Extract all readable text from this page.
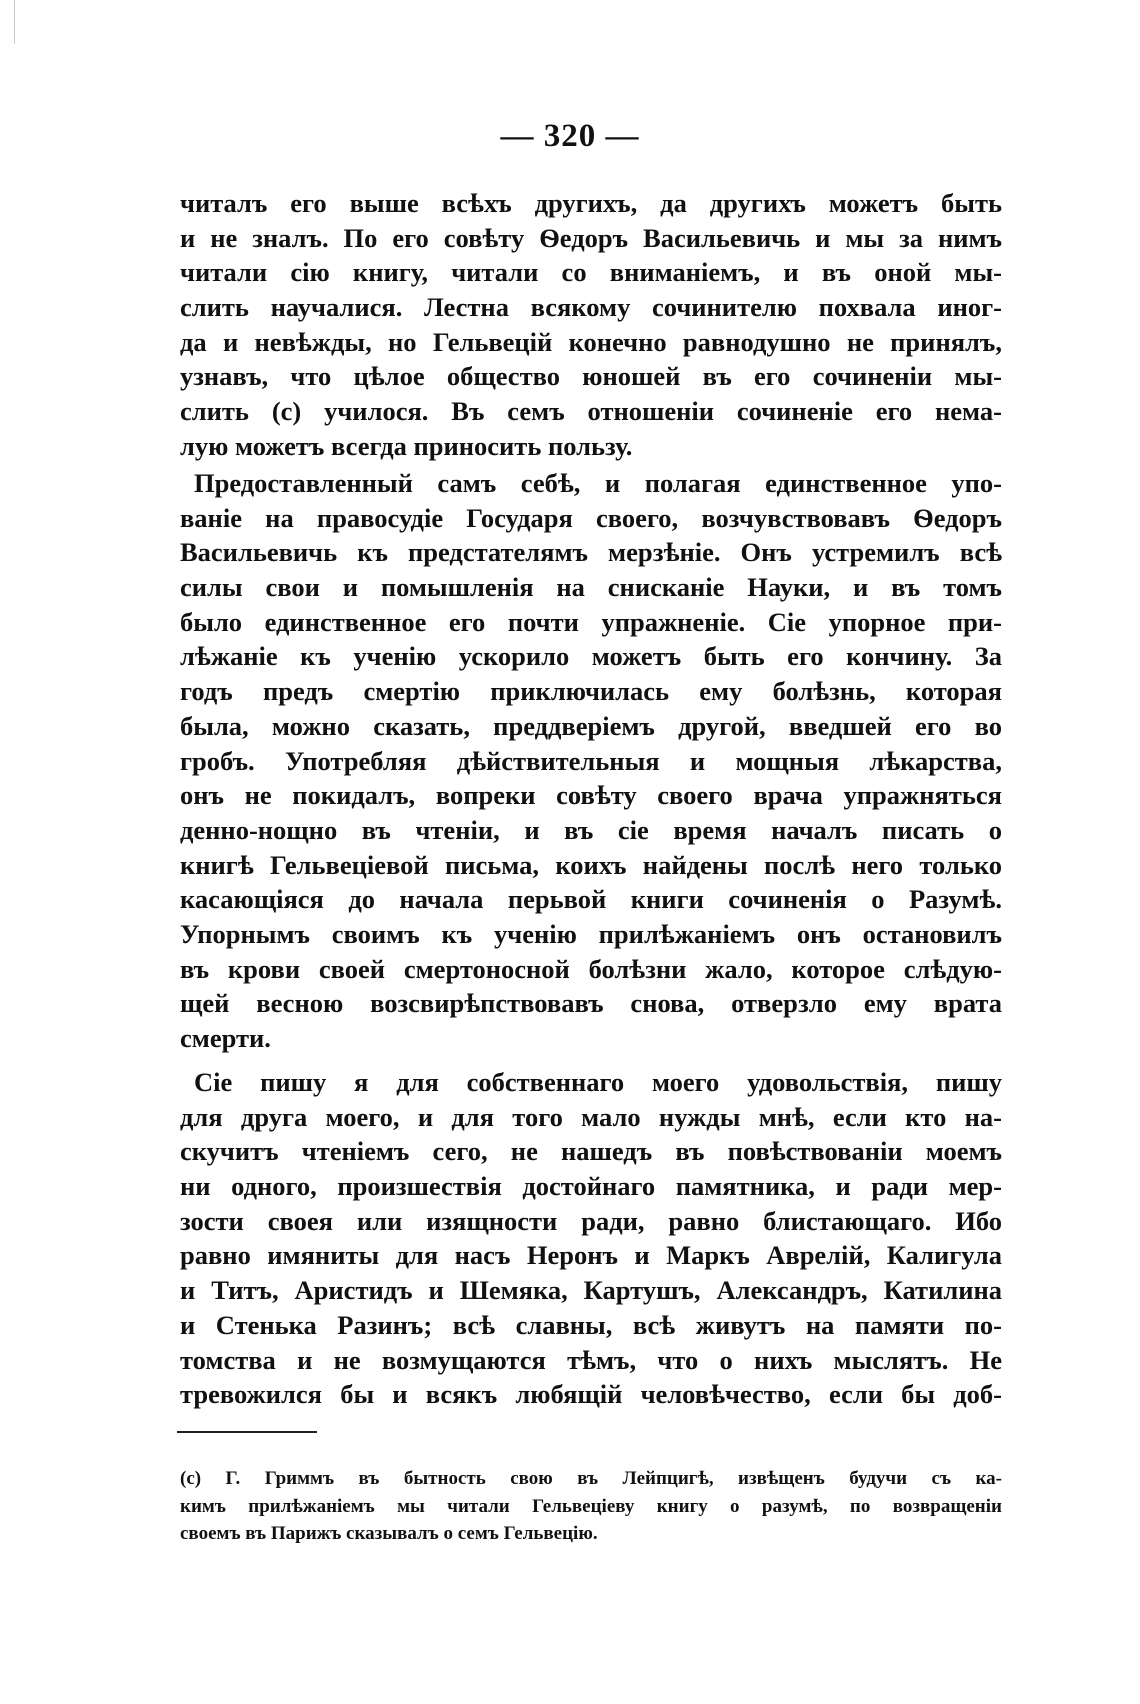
— 320 —
читалъ его выше всѣхъ другихъ, да другихъ можетъ быть
и не зналъ. По его совѣту Ѳедоръ Васильевичь и мы за нимъ
читали сію книгу, читали со вниманіемъ, и въ оной мы-
слить научалися. Лестна всякому сочинителю похвала иног-
да и невѣжды, но Гельвецій конечно равнодушно не принялъ,
узнавъ, что цѣлое общество юношей въ его сочиненіи мы-
слить (с) училося. Въ семъ отношеніи сочиненіе его нема-
лую можетъ всегда приносить пользу.
Предоставленный самъ себѣ, и полагая единственное упо-
ваніе на правосудіе Государя своего, возчувствовавъ Ѳедоръ
Васильевичь къ предстателямъ мерзѣніе. Онъ устремилъ всѣ
силы свои и помышленія на снисканіе Науки, и въ томъ
было единственное его почти упражненіе. Сіе упорное при-
лѣжаніе къ ученію ускорило можетъ быть его кончину. За
годъ предъ смертію приключилась ему болѣзнь, которая
была, можно сказать, преддверіемъ другой, введшей его во
гробъ. Употребляя дѣйствительныя и мощныя лѣкарства,
онъ не покидалъ, вопреки совѣту своего врача упражняться
денно-нощно въ чтеніи, и въ сіе время началъ писать о
книгѣ Гельвеціевой письма, коихъ найдены послѣ него только
касающіяся до начала перьвой книги сочиненія о Разумѣ.
Упорнымъ своимъ къ ученію прилѣжаніемъ онъ остановилъ
въ крови своей смертоносной болѣзни жало, которое слѣдую-
щей весною возсвирѣпствовавъ снова, отверзло ему врата
смерти.
Сіе пишу я для собственнаго моего удовольствія, пишу
для друга моего, и для того мало нужды мнѣ, если кто на-
скучитъ чтеніемъ сего, не нашедъ въ повѣствованіи моемъ
ни одного, произшествія достойнаго памятника, и ради мер-
зости своея или изящности ради, равно блистающаго. Ибо
равно имяниты для насъ Неронъ и Маркъ Аврелій, Калигула
и Титъ, Аристидъ и Шемяка, Картушъ, Александръ, Катилина
и Стенька Разинъ; всѣ славны, всѣ живутъ на памяти по-
томства и не возмущаются тѣмъ, что о нихъ мыслятъ. Не
тревожился бы и всякъ любящій человѣчество, если бы доб-
(с) Г. Гриммъ въ бытность свою въ Лейпцигѣ, извѣщенъ будучи съ ка-
кимъ прилѣжаніемъ мы читали Гельвеціеву книгу о разумѣ, по возвращеніи
своемъ въ Парижъ сказывалъ о семъ Гельвецію.
